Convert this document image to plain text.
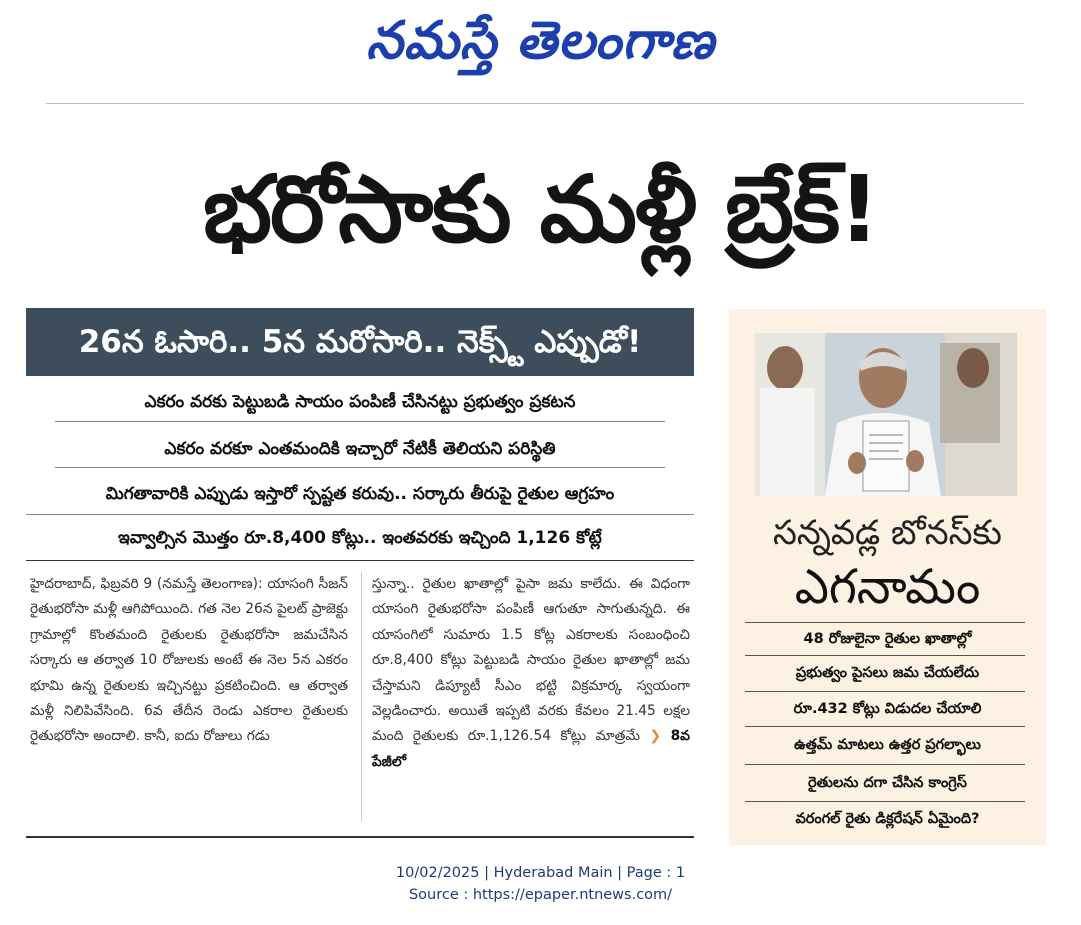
నమస్తే తెలంగాణ
భరోసాకు మళ్లీ బ్రేక్!
26న ఓసారి.. 5న మరోసారి.. నెక్స్ట్ ఎప్పుడో!
ఎకరం వరకు పెట్టుబడి సాయం పంపిణీ చేసినట్టు ప్రభుత్వం ప్రకటన
ఎకరం వరకూ ఎంతమందికి ఇచ్చారో నేటికీ తెలియని పరిస్థితి
మిగతావారికి ఎప్పుడు ఇస్తారో స్పష్టత కరువు.. సర్కారు తీరుపై రైతుల ఆగ్రహం
ఇవ్వాల్సిన మొత్తం రూ.8,400 కోట్లు.. ఇంతవరకు ఇచ్చింది 1,126 కోట్లే
హైదరాబాద్, ఫిబ్రవరి 9 (నమస్తే తెలంగాణ): యాసంగి సీజన్ రైతుభరోసా మళ్లీ ఆగిపోయింది. గత నెల 26న పైలట్ ప్రాజెక్టు గ్రామాల్లో కొంతమంది రైతులకు రైతుభరోసా జమచేసిన సర్కారు ఆ తర్వాత 10 రోజులకు అంటే ఈ నెల 5న ఎకరం భూమి ఉన్న రైతులకు ఇచ్చినట్టు ప్రకటించింది. ఆ తర్వాత మళ్లీ నిలిపివేసింది. 6వ తేదీన రెండు ఎకరాల రైతులకు రైతుభరోసా అందాలి. కానీ, ఐదు రోజులు గడు
స్తున్నా.. రైతుల ఖాతాల్లో పైసా జమ కాలేదు. ఈ విధంగా యాసంగి రైతుభరోసా పంపిణీ ఆగుతూ సాగుతున్నది. ఈ యాసంగిలో సుమారు 1.5 కోట్ల ఎకరాలకు సంబంధించి రూ.8,400 కోట్లు పెట్టుబడి సాయం రైతుల ఖాతాల్లో జమ చేస్తామని డిప్యూటీ సీఎం భట్టి విక్రమార్క స్వయంగా వెల్లడించారు. అయితే ఇప్పటి వరకు కేవలం 21.45 లక్షల మంది రైతులకు రూ.1,126.54 కోట్లు మాత్రమే ❯ 8వ పేజీలో
సన్నవడ్ల బోనస్‌కు
ఎగనామం
48 రోజులైనా రైతుల ఖాతాల్లో
ప్రభుత్వం పైసలు జమ చేయలేదు
రూ.432 కోట్లు విడుదల చేయాలి
ఉత్తమ్ మాటలు ఉత్తర ప్రగల్భాలు
రైతులను దగా చేసిన కాంగ్రెస్
వరంగల్ రైతు డిక్లరేషన్ ఏమైంది?
10/02/2025 | Hyderabad Main | Page : 1
Source : https://epaper.ntnews.com/
